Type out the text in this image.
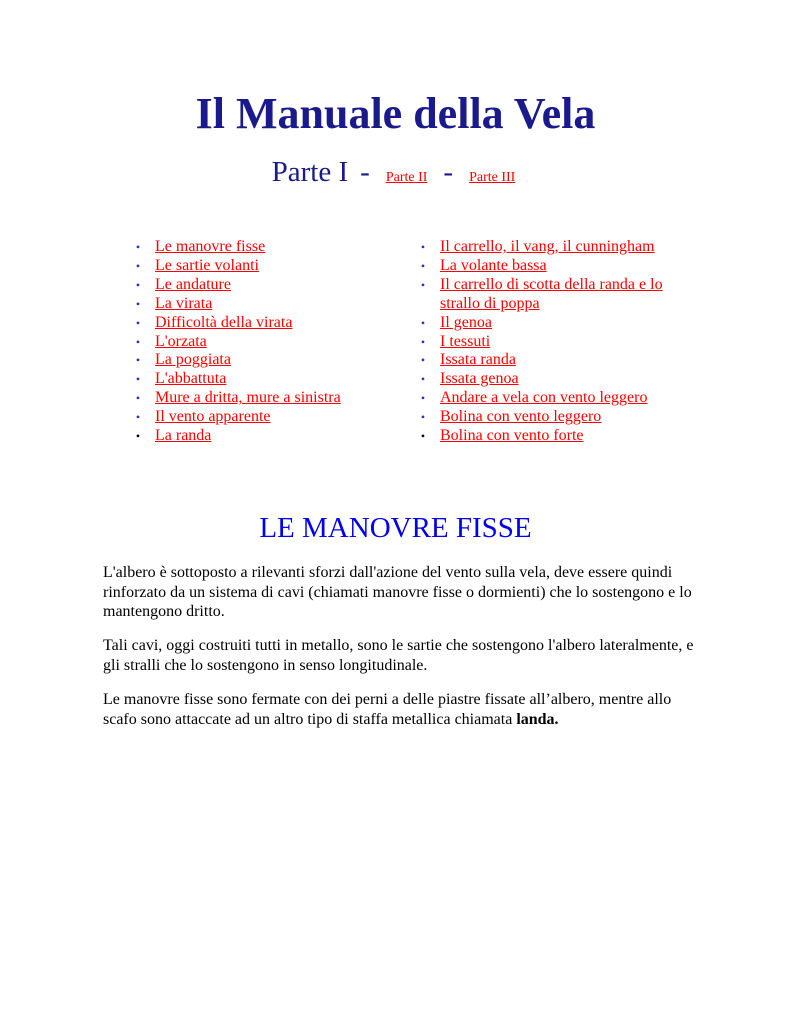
Il Manuale della Vela
Parte I - Parte II - Parte III
• Le manovre fisse
• Le sartie volanti
• Le andature
• La virata
• Difficoltà della virata
• L'orzata
• La poggiata
• L'abbattuta
• Mure a dritta, mure a sinistra
• Il vento apparente
• La randa
• Il carrello, il vang, il cunningham
• La volante bassa
• Il carrello di scotta della randa e lo strallo di poppa
• Il genoa
• I tessuti
• Issata randa
• Issata genoa
• Andare a vela con vento leggero
• Bolina con vento leggero
• Bolina con vento forte
LE MANOVRE FISSE

L'albero è sottoposto a rilevanti sforzi dall'azione del vento sulla vela, deve essere quindi rinforzato da un sistema di cavi (chiamati manovre fisse o dormienti) che lo sostengono e lo mantengono dritto.

Tali cavi, oggi costruiti tutti in metallo, sono le sartie che sostengono l'albero lateralmente, e gli stralli che lo sostengono in senso longitudinale.

Le manovre fisse sono fermate con dei perni a delle piastre fissate all’albero, mentre allo scafo sono attaccate ad un altro tipo di staffa metallica chiamata landa.
